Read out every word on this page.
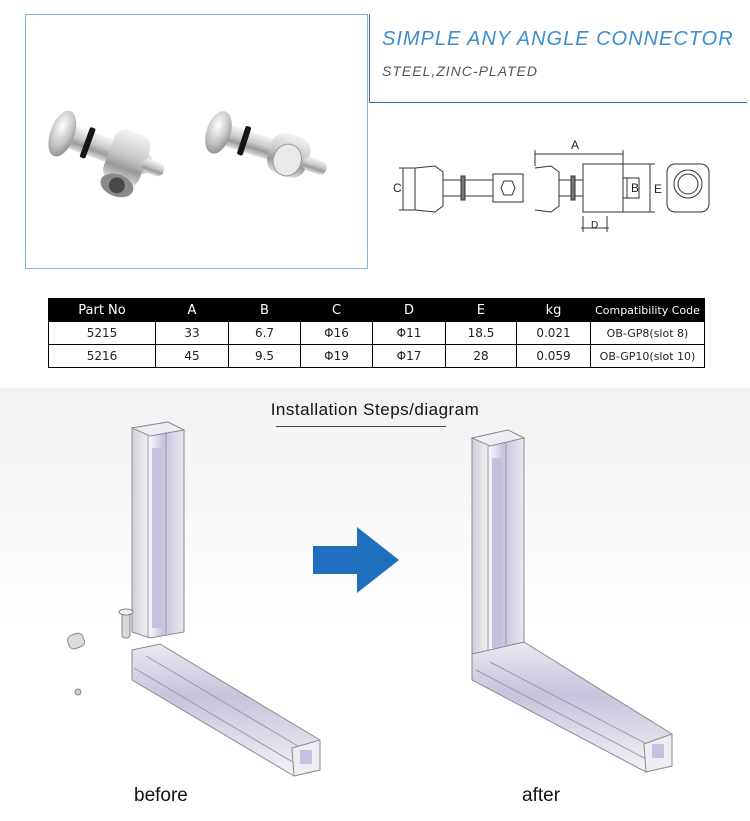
SIMPLE ANY ANGLE CONNECTOR
STEEL,ZINC-PLATED
C
A
B E
D
Part No	A	B	C	D	E	kg	Compatibility Code
5215	33	6.7	Φ16	Φ11	18.5	0.021	OB-GP8(slot 8)
5216	45	9.5	Φ19	Φ17	28	0.059	OB-GP10(slot 10)
Installation Steps/diagram
before	after
